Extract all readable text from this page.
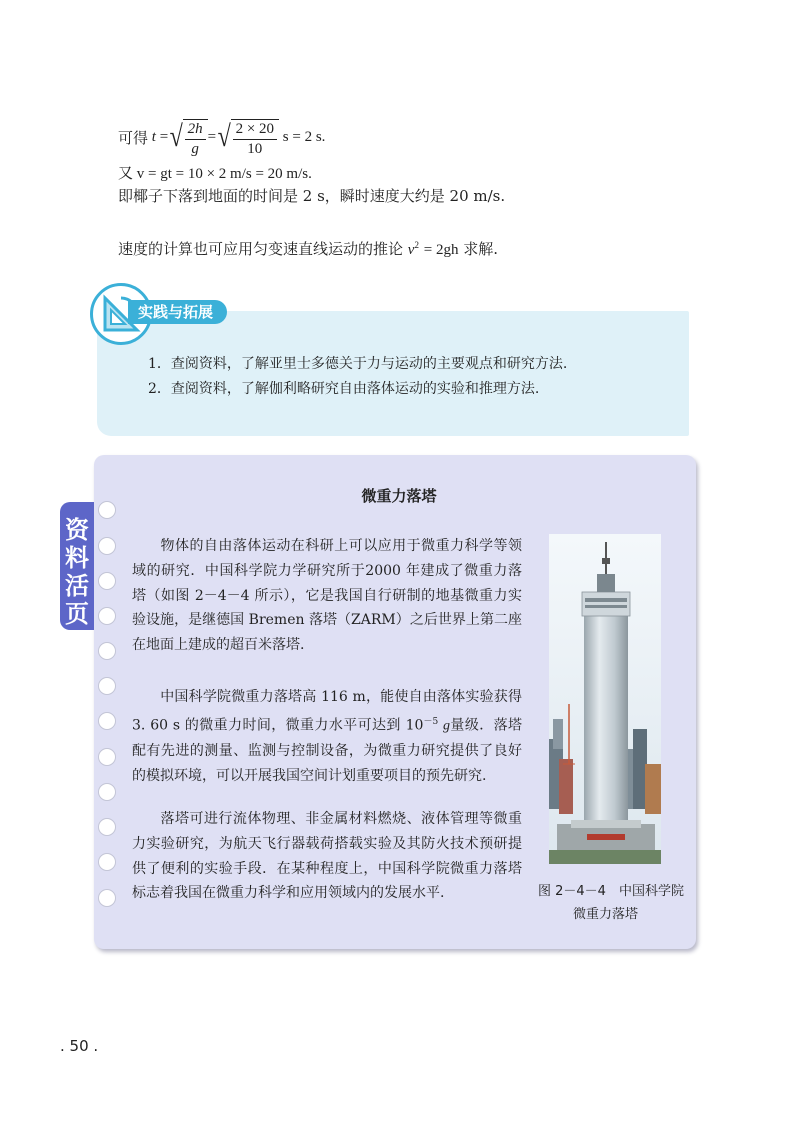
可得
t
= √ $\frac{2h}{g}$ = √ $\frac{2 \times 20}{10}$
s = 2 s.
又 v = gt = 10 × 2 m/s = 20 m/s.
即椰子下落到地面的时间是 2 s，瞬时速度大约是 20 m/s.
速度的计算也可应用匀变速直线运动的推论 $v^2 = 2gh$ 求解.
实践与拓展
1．查阅资料，了解亚里士多德关于力与运动的主要观点和研究方法.
2．查阅资料，了解伽利略研究自由落体运动的实验和推理方法.
资
料
活
页
微重力落塔
物体的自由落体运动在科研上可以应用于微重力科学等领域的研究．中国科学院力学研究所于2000 年建成了微重力落塔（如图 2－4－4 所示），它是我国自行研制的地基微重力实验设施，是继德国 Bremen 落塔（ZARM）之后世界上第二座在地面上建成的超百米落塔.
中国科学院微重力落塔高 116 m，能使自由落体实验获得 3. 60 s 的微重力时间，微重力水平可达到 $10^{-5}$ g量级．落塔配有先进的测量、监测与控制设备，为微重力研究提供了良好的模拟环境，可以开展我国空间计划重要项目的预先研究.
落塔可进行流体物理、非金属材料燃烧、液体管理等微重力实验研究，为航天飞行器载荷搭载实验及其防火技术预研提供了便利的实验手段．在某种程度上，中国科学院微重力落塔标志着我国在微重力科学和应用领域内的发展水平.	图 2－4－4　中国科学院
微重力落塔
. 50 .
